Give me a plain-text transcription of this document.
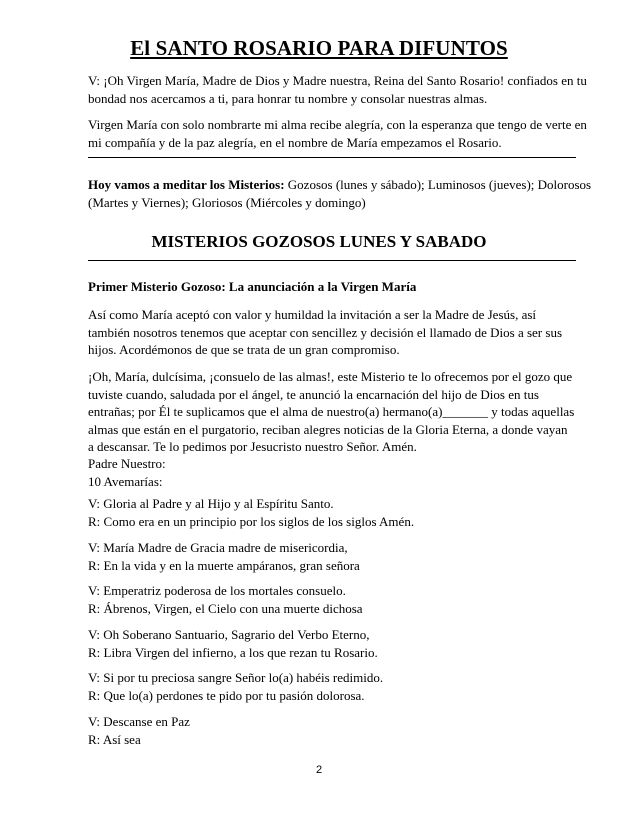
El SANTO ROSARIO PARA DIFUNTOS
V: ¡Oh Virgen María, Madre de Dios y Madre nuestra, Reina del Santo Rosario! confiados en tu
bondad nos acercamos a ti, para honrar tu nombre y consolar nuestras almas.
Virgen María con solo nombrarte mi alma recibe alegría, con la esperanza que tengo de verte en
mi compañía y de la paz alegría, en el nombre de María empezamos el Rosario.
Hoy vamos a meditar los Misterios: Gozosos (lunes y sábado); Luminosos (jueves); Dolorosos
(Martes y Viernes); Gloriosos (Miércoles y domingo)
MISTERIOS GOZOSOS LUNES Y SABADO
Primer Misterio Gozoso: La anunciación a la Virgen María
Así como María aceptó con valor y humildad la invitación a ser la Madre de Jesús, así
también nosotros tenemos que aceptar con sencillez y decisión el llamado de Dios a ser sus
hijos. Acordémonos de que se trata de un gran compromiso.
¡Oh, María, dulcísima, ¡consuelo de las almas!, este Misterio te lo ofrecemos por el gozo que
tuviste cuando, saludada por el ángel, te anunció la encarnación del hijo de Dios en tus
entrañas; por Él te suplicamos que el alma de nuestro(a) hermano(a)_______ y todas aquellas
almas que están en el purgatorio, reciban alegres noticias de la Gloria Eterna, a donde vayan
a descansar. Te lo pedimos por Jesucristo nuestro Señor. Amén.
Padre Nuestro:
10 Avemarías:
V: Gloria al Padre y al Hijo y al Espíritu Santo.
R: Como era en un principio por los siglos de los siglos Amén.
V: María Madre de Gracia madre de misericordia,
R: En la vida y en la muerte ampáranos, gran señora
V: Emperatriz poderosa de los mortales consuelo.
R: Ábrenos, Virgen, el Cielo con una muerte dichosa
V: Oh Soberano Santuario, Sagrario del Verbo Eterno,
R: Libra Virgen del infierno, a los que rezan tu Rosario.
V: Si por tu preciosa sangre Señor lo(a) habéis redimido.
R: Que lo(a) perdones te pido por tu pasión dolorosa.
V: Descanse en Paz
R: Así sea
2
